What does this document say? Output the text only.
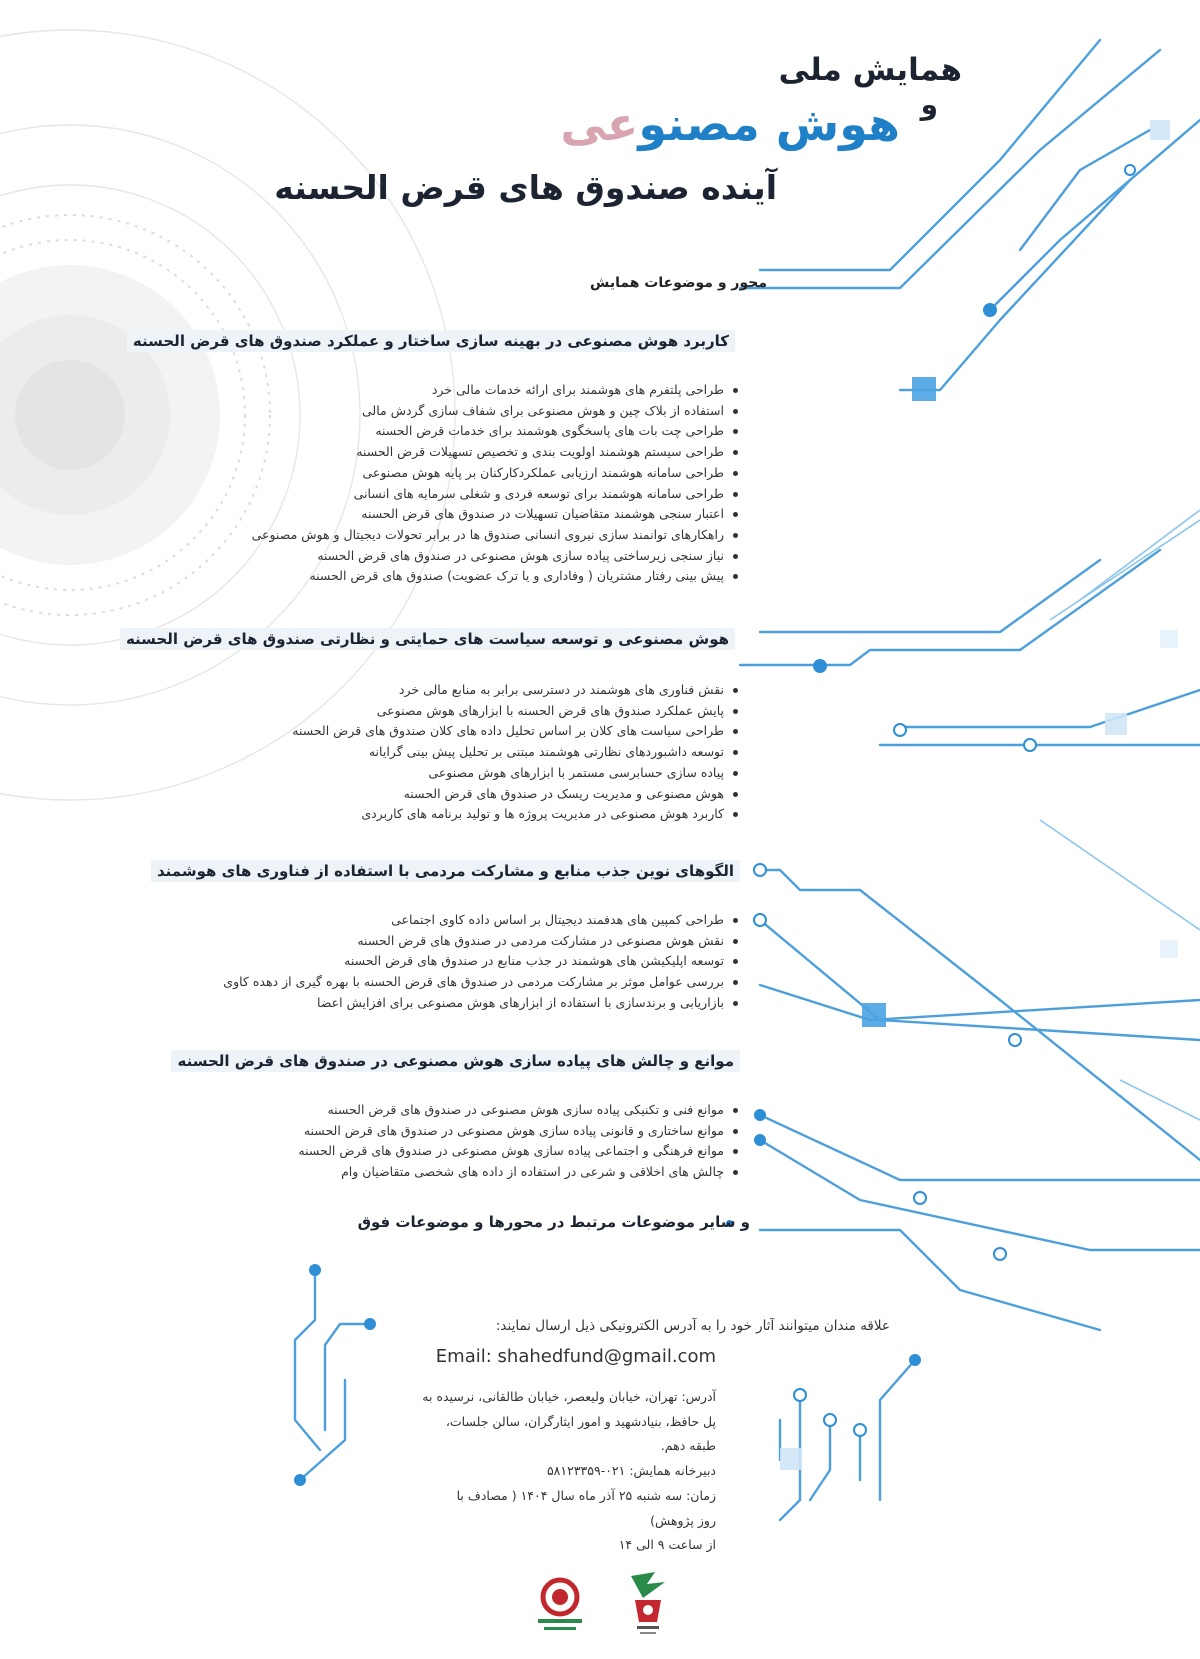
همایش ملی
هوش مصنوعی	و
آینده صندوق های قرض الحسنه
محور و موضوعات همایش
کاربرد هوش مصنوعی در بهینه سازی ساختار و عملکرد صندوق های قرض الحسنه
طراحی پلتفرم های هوشمند برای ارائه خدمات مالی خرد
استفاده از بلاک چین و هوش مصنوعی برای شفاف سازی گردش مالی
طراحی چت بات های پاسخگوی هوشمند برای خدمات قرض الحسنه
طراحی سیستم هوشمند اولویت بندی و تخصیص تسهیلات قرض الحسنه
طراحی سامانه هوشمند ارزیابی عملکردکارکنان بر پایه هوش مصنوعی
طراحی سامانه هوشمند برای توسعه فردی و شغلی سرمایه های انسانی
اعتبار سنجی هوشمند متقاضیان تسهیلات در صندوق های قرض الحسنه
راهکارهای توانمند سازی نیروی انسانی صندوق ها در برابر تحولات دیجیتال و هوش مصنوعی
نیاز سنجی زیرساختی پیاده سازی هوش مصنوعی در صندوق های قرض الحسنه
پیش بینی رفتار مشتریان ( وفاداری و یا ترک عضویت) صندوق های قرض الحسنه
هوش مصنوعی و توسعه سیاست های حمایتی و نظارتی صندوق های قرض الحسنه
نقش فناوری های هوشمند در دسترسی برابر به منابع مالی خرد
پایش عملکرد صندوق های قرض الحسنه با ابزارهای هوش مصنوعی
طراحی سیاست های کلان بر اساس تحلیل داده های کلان صندوق های قرض الحسنه
توسعه داشبوردهای نظارتی هوشمند مبتنی بر تحلیل پیش بینی گرایانه
پیاده سازی حسابرسی مستمر با ابزارهای هوش مصنوعی
هوش مصنوعی و مدیریت ریسک در صندوق های قرض الحسنه
کاربرد هوش مصنوعی در مدیریت پروژه ها و تولید برنامه های کاربردی
الگوهای نوین جذب منابع و مشارکت مردمی با استفاده از فناوری های هوشمند
طراحی کمپین های هدفمند دیجیتال بر اساس داده کاوی اجتماعی
نقش هوش مصنوعی در مشارکت مردمی در صندوق های قرض الحسنه
توسعه اپلیکیشن های هوشمند در جذب منابع در صندوق های قرض الحسنه
بررسی عوامل موثر بر مشارکت مردمی در صندوق های قرض الحسنه با بهره گیری از دهده کاوی
بازاریابی و برندسازی با استفاده از ابزارهای هوش مصنوعی برای افزایش اعضا
موانع و چالش های پیاده سازی هوش مصنوعی در صندوق های قرض الحسنه
موانع فنی و تکنیکی پیاده سازی هوش مصنوعی در صندوق های قرض الحسنه
موانع ساختاری و قانونی پیاده سازی هوش مصنوعی در صندوق های قرض الحسنه
موانع فرهنگی و اجتماعی پیاده سازی هوش مصنوعی در صندوق های قرض الحسنه
چالش های اخلاقی و شرعی در استفاده از داده های شخصی متقاضیان وام
و سایر موضوعات مرتبط در محورها و موضوعات فوق
علاقه مندان میتوانند آثار خود را به آدرس الکترونیکی ذیل ارسال نمایند:
Email: shahedfund@gmail.com
آدرس: تهران، خیابان ولیعصر، خیابان طالقانی، نرسیده به
پل حافظ، بنیادشهید و امور ایثارگران، سالن جلسات،
طبقه دهم.
دبیرخانه همایش: ۰۲۱-۵۸۱۲۳۳۵۹
زمان: سه شنبه ۲۵ آذر ماه سال ۱۴۰۴ ( مصادف با
روز پژوهش)
از ساعت ۹ الی ۱۴
